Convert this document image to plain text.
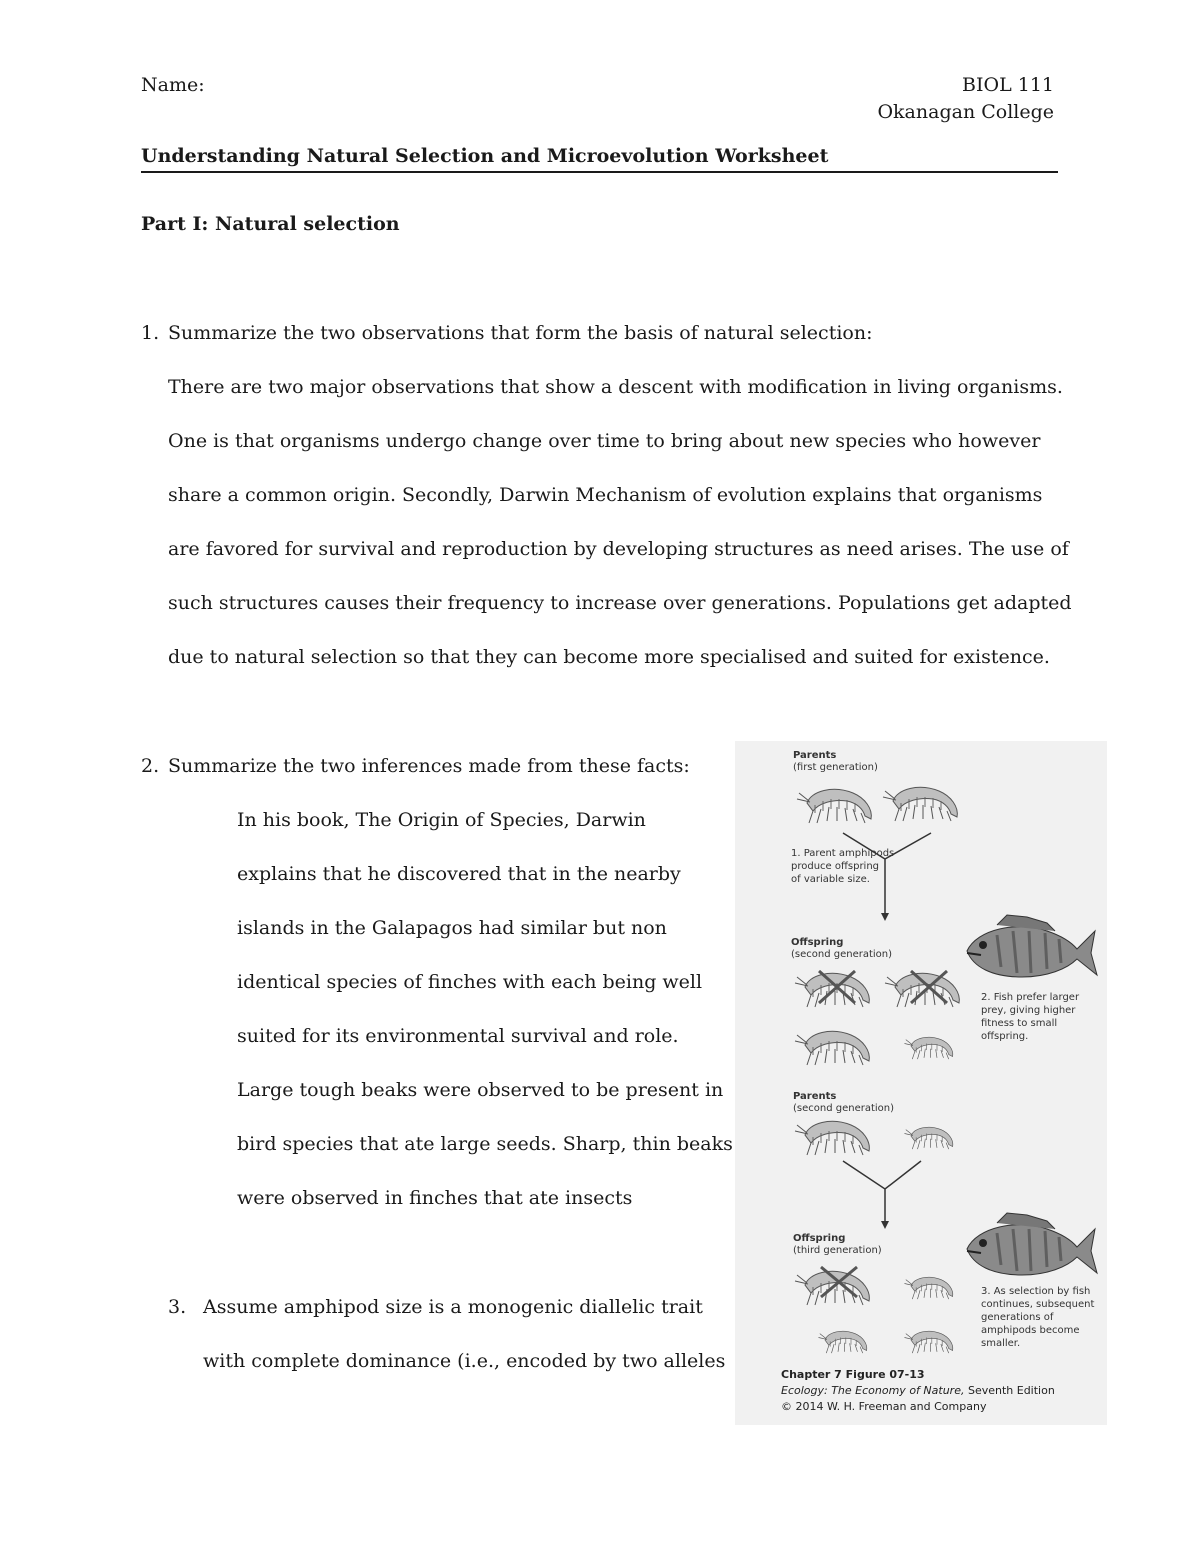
Name:	BIOL 111
Okanagan College
Understanding Natural Selection and Microevolution Worksheet
Part I: Natural selection
1. Summarize the two observations that form the basis of natural selection:
There are two major observations that show a descent with modification in living organisms.
One is that organisms undergo change over time to bring about new species who however
share a common origin. Secondly, Darwin Mechanism of evolution explains that organisms
are favored for survival and reproduction by developing structures as need arises. The use of
such structures causes their frequency to increase over generations. Populations get adapted
due to natural selection so that they can become more specialised and suited for existence.
2. Summarize the two inferences made from these facts:
In his book, The Origin of Species, Darwin
explains that he discovered that in the nearby
islands in the Galapagos had similar but non
identical species of finches with each being well
suited for its environmental survival and role.
Large tough beaks were observed to be present in
bird species that ate large seeds. Sharp, thin beaks
were observed in finches that ate insects
3. Assume amphipod size is a monogenic diallelic trait
with complete dominance (i.e., encoded by two alleles
Parents
(first generation)
1. Parent amphipods
produce offspring
of variable size.
Offspring
(second generation)
2. Fish prefer larger
prey, giving higher
fitness to small
offspring.
Parents
(second generation)
Offspring
(third generation)
3. As selection by fish
continues, subsequent
generations of
amphipods become
smaller.
Chapter 7 Figure 07-13
Ecology: The Economy of Nature, Seventh Edition
© 2014 W. H. Freeman and Company
